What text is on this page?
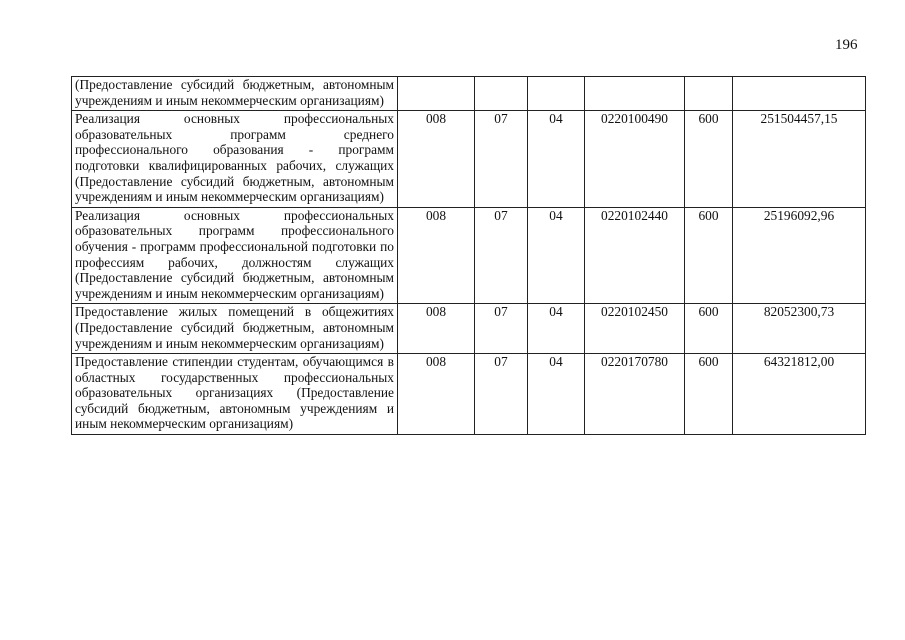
196
(Предоставление субсидий бюджетным, автономным учреждениям и иным некоммерческим организациям)						
Реализация основных профессиональных образовательных программ среднего профессионального образования - программ подготовки квалифицированных рабочих, служащих (Предоставление субсидий бюджетным, автономным учреждениям и иным некоммерческим организациям)	008	07	04	0220100490	600	251504457,15
Реализация основных профессиональных образовательных программ профессионального обучения - программ профессиональной подготовки по профессиям рабочих, должностям служащих (Предоставление субсидий бюджетным, автономным учреждениям и иным некоммерческим организациям)	008	07	04	0220102440	600	25196092,96
Предоставление жилых помещений в общежитиях (Предоставление субсидий бюджетным, автономным учреждениям и иным некоммерческим организациям)	008	07	04	0220102450	600	82052300,73
Предоставление стипендии студентам, обучающимся в областных государственных профессиональных образовательных организациях (Предоставление субсидий бюджетным, автономным учреждениям и иным некоммерческим организациям)	008	07	04	0220170780	600	64321812,00
